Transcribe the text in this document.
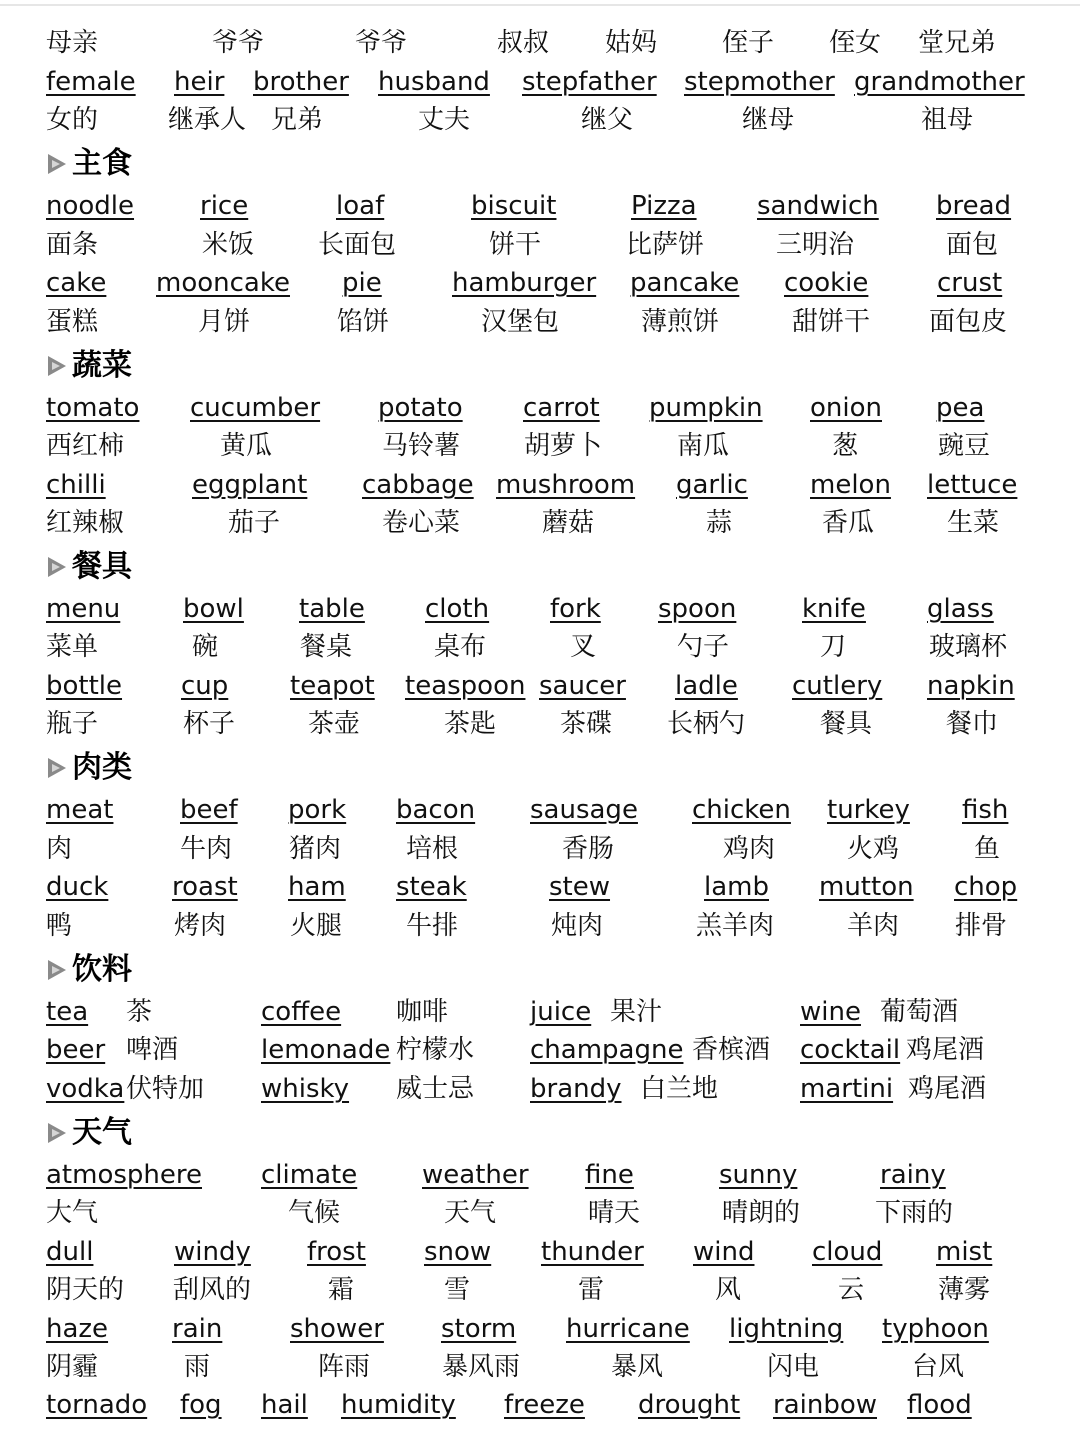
母亲	爷爷	爷爷	叔叔 姑妈 侄子 侄女 堂兄弟
female heir brother husband stepfather stepmother grandmother
女的	继承人 兄弟	丈夫	继父	继母	祖母
主食
蔬菜
餐具
肉类
饮料
天气
noodle	rice	loaf	biscuit	Pizza sandwich bread
面条	米饭 长面包	饼干	比萨饼	三明治	面包
cake mooncake pie	hamburger pancake cookie	crust
蛋糕	月饼	馅饼	汉堡包	薄煎饼	甜饼干 面包皮
tomato cucumber potato carrot pumpkin onion pea
西红柿	黄瓜	马铃薯 胡萝卜	南瓜	葱	豌豆
chilli	eggplant cabbage mushroom garlic melon lettuce
红辣椒	茄子	卷心菜	蘑菇	蒜	香瓜	生菜
menu bowl table cloth fork spoon	knife glass
菜单	碗	餐桌	桌布	叉	勺子	刀	玻璃杯
bottle cup teapot teaspoon saucer ladle cutlery napkin
瓶子	杯子	茶壶	茶匙 茶碟 长柄勺	餐具	餐巾
meat	beef pork bacon sausage chicken turkey fish
肉	牛肉 猪肉 培根	香肠	鸡肉	火鸡	鱼
duck roast ham steak	stew	lamb mutton chop
鸭	烤肉 火腿 牛排	炖肉	羔羊肉	羊肉 排骨
tea 茶	coffee 咖啡	juice 果汁	wine 葡萄酒
beer 啤酒	lemonade 柠檬水 champagne 香槟酒 cocktail 鸡尾酒
vodka 伏特加 whisky 威士忌 brandy 白兰地	martini 鸡尾酒
atmosphere climate weather fine	sunny	rainy
大气	气候	天气	晴天	晴朗的	下雨的
dull	windy frost snow thunder wind cloud mist
阴天的 刮风的	霜	雪	雷	风	云	薄雾
haze rain	shower storm hurricane lightning typhoon
阴霾	雨	阵雨	暴风雨	暴风	闪电	台风
tornado fog hail humidity freeze drought rainbow flood
